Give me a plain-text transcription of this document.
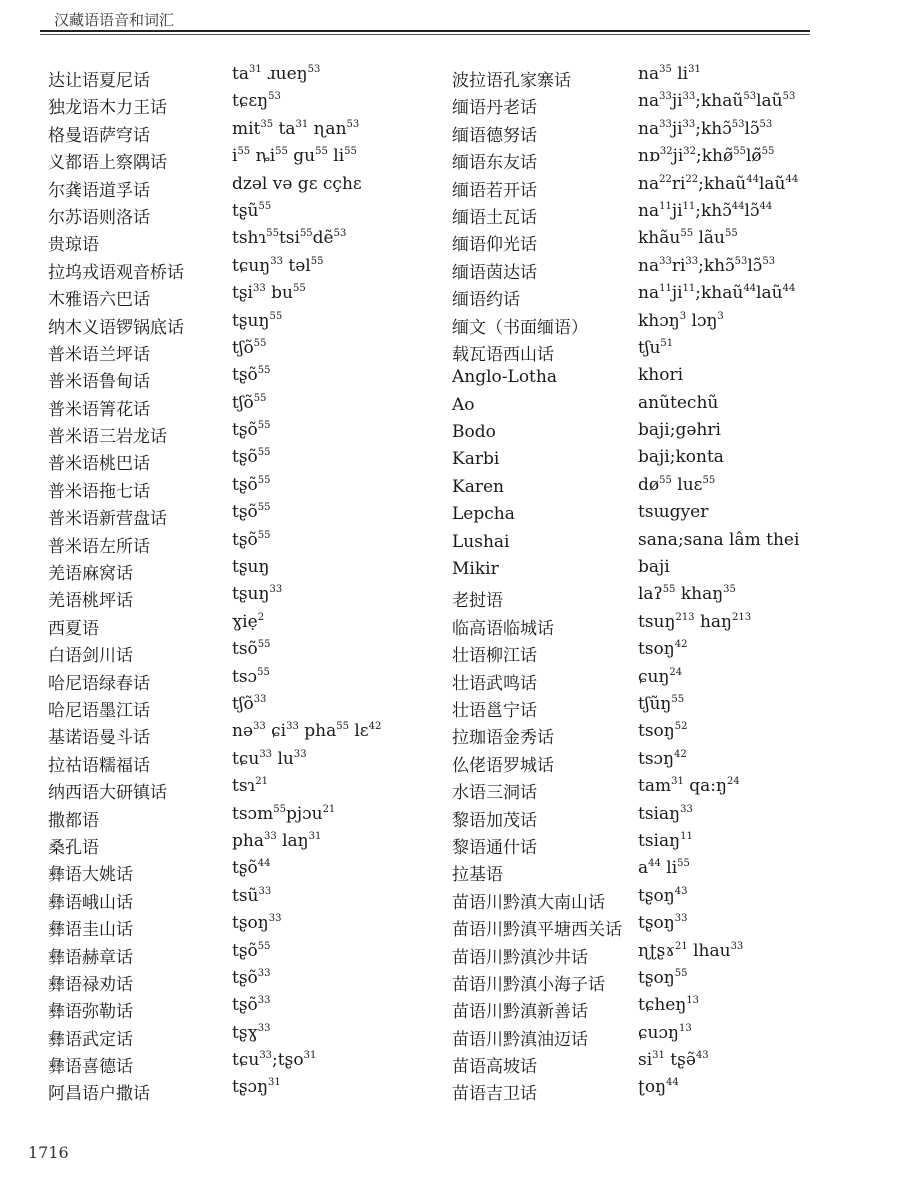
汉藏语语音和词汇
达让语夏尼话	$ta^{31}$ ɹueŋ$^{53}$
独龙语木力王话	tɕɛŋ$^{53}$
格曼语萨穹话	mit$^{35}$ $ta^{31}$ ɳan$^{53}$
义都语上察隅话	$i^{55}$ $ȵi^{55}$ $gu^{55}$ $li^{55}$
尔龚语道孚话	dzəl və gɛ cçhɛ
尔苏语则洛话	tʂũ$^{55}$
贵琼语	tshɿ$^{55}$tsi$^{55}$dẽ$^{53}$
拉坞戎语观音桥话	tɕuŋ$^{33}$ təl$^{55}$
木雅语六巴话	tʂi$^{33}$ $bu^{55}$
纳木义语锣锅底话	tʂuŋ$^{55}$
普米语兰坪话	tʃõ$^{55}$
普米语鲁甸话	tʂõ$^{55}$
普米语箐花话	tʃõ$^{55}$
普米语三岩龙话	tʂõ$^{55}$
普米语桃巴话	tʂõ$^{55}$
普米语拖七话	tʂõ$^{55}$
普米语新营盘话	tʂõ$^{55}$
普米语左所话	tʂõ$^{55}$
羌语麻窝话	tʂuŋ
羌语桃坪话	tʂuŋ$^{33}$
西夏语	ɣiẹ$^2$
白语剑川话	tsõ$^{55}$
哈尼语绿春话	tsɔ$^{55}$
哈尼语墨江话	tʃõ$^{33}$
基诺语曼斗话	nə$^{33}$ ɕi$^{33}$ pha$^{55}$ lɛ$^{42}$
拉祜语糯福话	tɕu$^{33}$ $lu^{33}$
纳西语大研镇话	tsɿ$^{21}$
撒都语	tsɔm$^{55}$pjɔu$^{21}$
桑孔语	pha$^{33}$ laŋ$^{31}$
彝语大姚话	tʂõ$^{44}$
彝语峨山话	tsũ$^{33}$
彝语圭山话	tʂoŋ$^{33}$
彝语赫章话	tʂõ$^{55}$
彝语禄劝话	tʂõ$^{33}$
彝语弥勒话	tʂõ$^{33}$
彝语武定话	tʂɣ$^{33}$
彝语喜德话	tɕu$^{33}$;tʂo$^{31}$
阿昌语户撒话	tʂɔŋ$^{31}$
波拉语孔家寨话	$na^{35}$ $li^{31}$
缅语丹老话	$na^{33}ji^{33};khaũ^{53}laũ^{53}$
缅语德努话	$na^{33}ji^{33};khɔ̃^{53}lɔ̃^{53}$
缅语东友话	$nɒ^{32}ji^{32};khø̃^{55}lø̃^{55}$
缅语若开话	$na^{22}ri^{22};khaũ^{44}laũ^{44}$
缅语土瓦话	$na^{11}ji^{11};khɔ̃^{44}lɔ̃^{44}$
缅语仰光话	khãu$^{55}$ lãu$^{55}$
缅语茵达话	$na^{33}ri^{33};khɔ̃^{53}lɔ̃^{53}$
缅语约话	$na^{11}ji^{11};khaũ^{44}laũ^{44}$
缅文（书面缅语）	khɔŋ$^3$ lɔŋ$^3$
载瓦语西山话	tʃu$^{51}$
Anglo-Lotha	khori
Ao	anũtechũ
Bodo	baji;gəhri
Karbi	baji;konta
Karen	$dø^{55}$ luɛ$^{55}$
Lepcha	tsɯgyer
Lushai	sana;sana lâm thei
Mikir	baji
老挝语	laʔ$^{55}$ khaŋ$^{35}$
临高语临城话	tsuŋ$^{213}$ haŋ$^{213}$
壮语柳江话	tsoŋ$^{42}$
壮语武鸣话	ɕuŋ$^{24}$
壮语邕宁话	tʃũŋ$^{55}$
拉珈语金秀话	tsoŋ$^{52}$
仫佬语罗城话	tsɔŋ$^{42}$
水语三洞话	tam$^{31}$ $qa:ŋ^{24}$
黎语加茂话	tsiaŋ$^{33}$
黎语通什话	tsiaŋ$^{11}$
拉基语	$a^{44}$ $li^{55}$
苗语川黔滇大南山话 tʂoŋ$^{43}$
苗语川黔滇平塘西关话 tʂoŋ$^{33}$
苗语川黔滇沙井话	ɳʈʂɤ$^{21}$ lhau$^{33}$
苗语川黔滇小海子话 tʂoŋ$^{55}$
苗语川黔滇新善话	tɕheŋ$^{13}$
苗语川黔滇油迈话	ɕuɔŋ$^{13}$
苗语高坡话	$si^{31}$ tʂə̃$^{43}$
苗语吉卫话	ʈoŋ$^{44}$
1716
